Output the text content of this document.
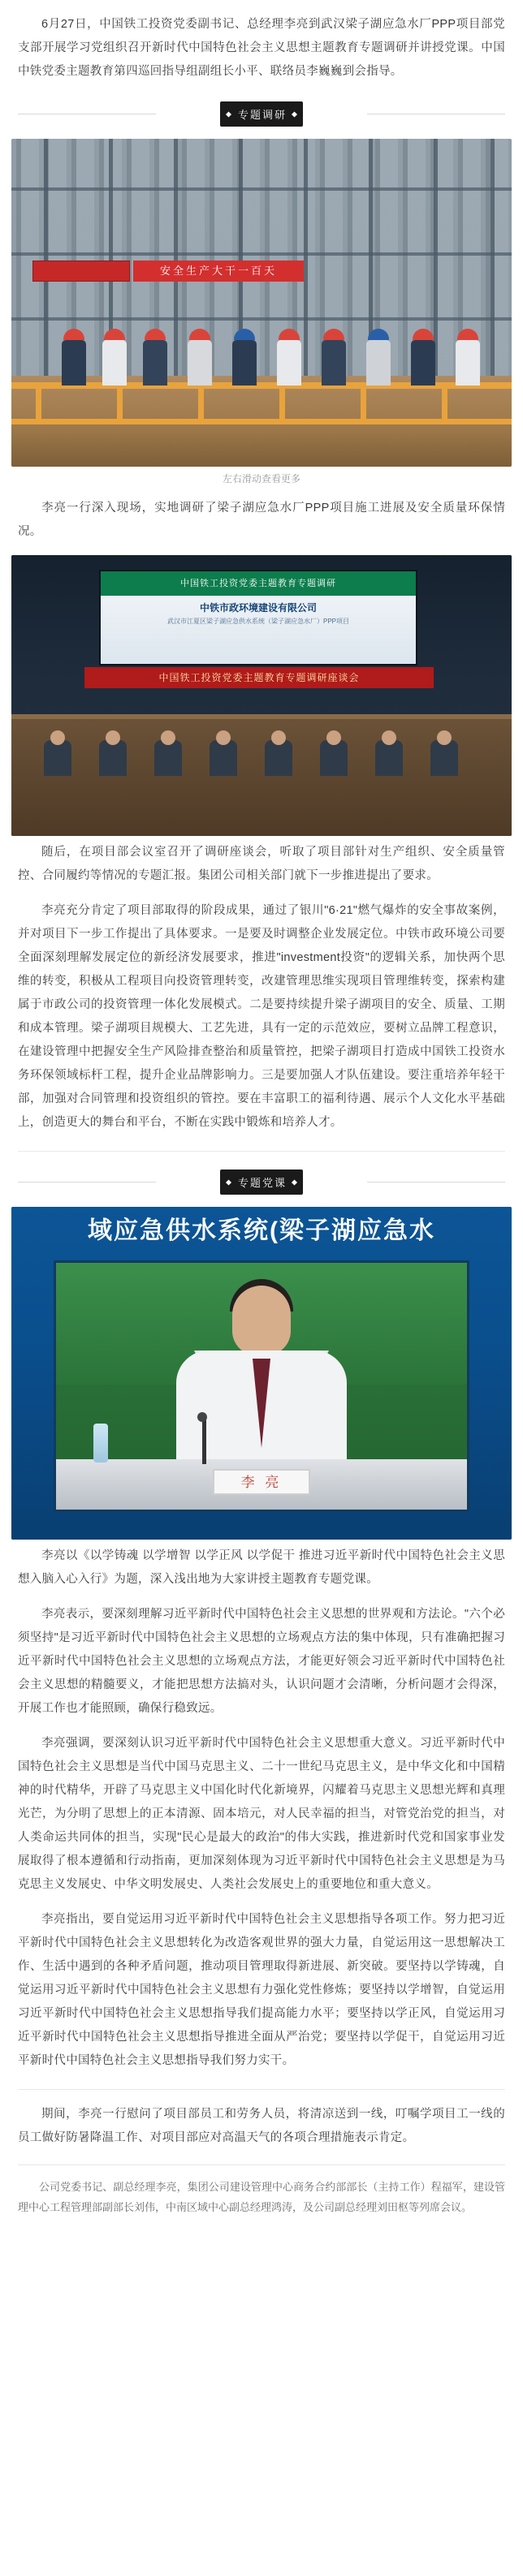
6月27日，中国铁工投资党委副书记、总经理李亮到武汉梁子湖应急水厂PPP项目部党支部开展学习党组织召开新时代中国特色社会主义思想主题教育专题调研并讲授党课。中国中铁党委主题教育第四巡回指导组副组长小平、联络员李巍巍到会指导。

专题调研
安全生产大干一百天
左右滑动查看更多

李亮一行深入现场，实地调研了梁子湖应急水厂PPP项目施工进展及安全质量环保情况。

中国铁工投资党委主题教育专题调研
中铁市政环境建设有限公司
武汉市江夏区梁子湖应急供水系统（梁子湖应急水厂）PPP项目
中国铁工投资党委主题教育专题调研座谈会

随后，在项目部会议室召开了调研座谈会，听取了项目部针对生产组织、安全质量管控、合同履约等情况的专题汇报。集团公司相关部门就下一步推进提出了要求。

李亮充分肯定了项目部取得的阶段成果，通过了银川"6·21"燃气爆炸的安全事故案例，并对项目下一步工作提出了具体要求。一是要及时调整企业发展定位。中铁市政环境公司要全面深刻理解发展定位的新经济发展要求，推进"investment投资"的逻辑关系，加快两个思维的转变，积极从工程项目向投资管理转变，改建管理思维实现项目管理维转变，探索构建属于市政公司的投资管理一体化发展模式。二是要持续提升梁子湖项目的安全、质量、工期和成本管理。梁子湖项目规模大、工艺先进，具有一定的示范效应，要树立品牌工程意识，在建设管理中把握安全生产风险排查整治和质量管控，把梁子湖项目打造成中国铁工投资水务环保领域标杆工程，提升企业品牌影响力。三是要加强人才队伍建设。要注重培养年轻干部，加强对合同管理和投资组织的管控。要在丰富职工的福利待遇、展示个人文化水平基础上，创造更大的舞台和平台，不断在实践中锻炼和培养人才。

专题党课
域应急供水系统(梁子湖应急水
李 亮

李亮以《以学铸魂 以学增智 以学正风 以学促干 推进习近平新时代中国特色社会主义思想入脑入心入行》为题，深入浅出地为大家讲授主题教育专题党课。

李亮表示，要深刻理解习近平新时代中国特色社会主义思想的世界观和方法论。"六个必须坚持"是习近平新时代中国特色社会主义思想的立场观点方法的集中体现，只有准确把握习近平新时代中国特色社会主义思想的立场观点方法，才能更好领会习近平新时代中国特色社会主义思想的精髓要义，才能把思想方法搞对头，认识问题才会清晰，分析问题才会得深，开展工作也才能照顾，确保行稳致远。

李亮强调，要深刻认识习近平新时代中国特色社会主义思想重大意义。习近平新时代中国特色社会主义思想是当代中国马克思主义、二十一世纪马克思主义，是中华文化和中国精神的时代精华，开辟了马克思主义中国化时代化新境界，闪耀着马克思主义思想光辉和真理光芒，为分明了思想上的正本清源、固本培元，对人民幸福的担当，对管党治党的担当，对人类命运共同体的担当，实现"民心是最大的政治"的伟大实践，推进新时代党和国家事业发展取得了根本遵循和行动指南，更加深刻体现为习近平新时代中国特色社会主义思想是为马克思主义发展史、中华文明发展史、人类社会发展史上的重要地位和重大意义。

李亮指出，要自觉运用习近平新时代中国特色社会主义思想指导各项工作。努力把习近平新时代中国特色社会主义思想转化为改造客观世界的强大力量，自觉运用这一思想解决工作、生活中遇到的各种矛盾问题，推动项目管理取得新进展、新突破。要坚持以学铸魂，自觉运用习近平新时代中国特色社会主义思想有力强化党性修炼；要坚持以学增智，自觉运用习近平新时代中国特色社会主义思想指导我们提高能力水平；要坚持以学正风，自觉运用习近平新时代中国特色社会主义思想指导推进全面从严治党；要坚持以学促干，自觉运用习近平新时代中国特色社会主义思想指导我们努力实干。

期间，李亮一行慰问了项目部员工和劳务人员，将清凉送到一线，叮嘱学项目工一线的员工做好防暑降温工作、对项目部应对高温天气的各项合理措施表示肯定。

公司党委书记、副总经理李亮，集团公司建设管理中心商务合约部部长（主持工作）程福军，建设管理中心工程管理部副部长刘伟，中南区域中心副总经理鸿涛，及公司副总经理刘田枢等列席会议。
